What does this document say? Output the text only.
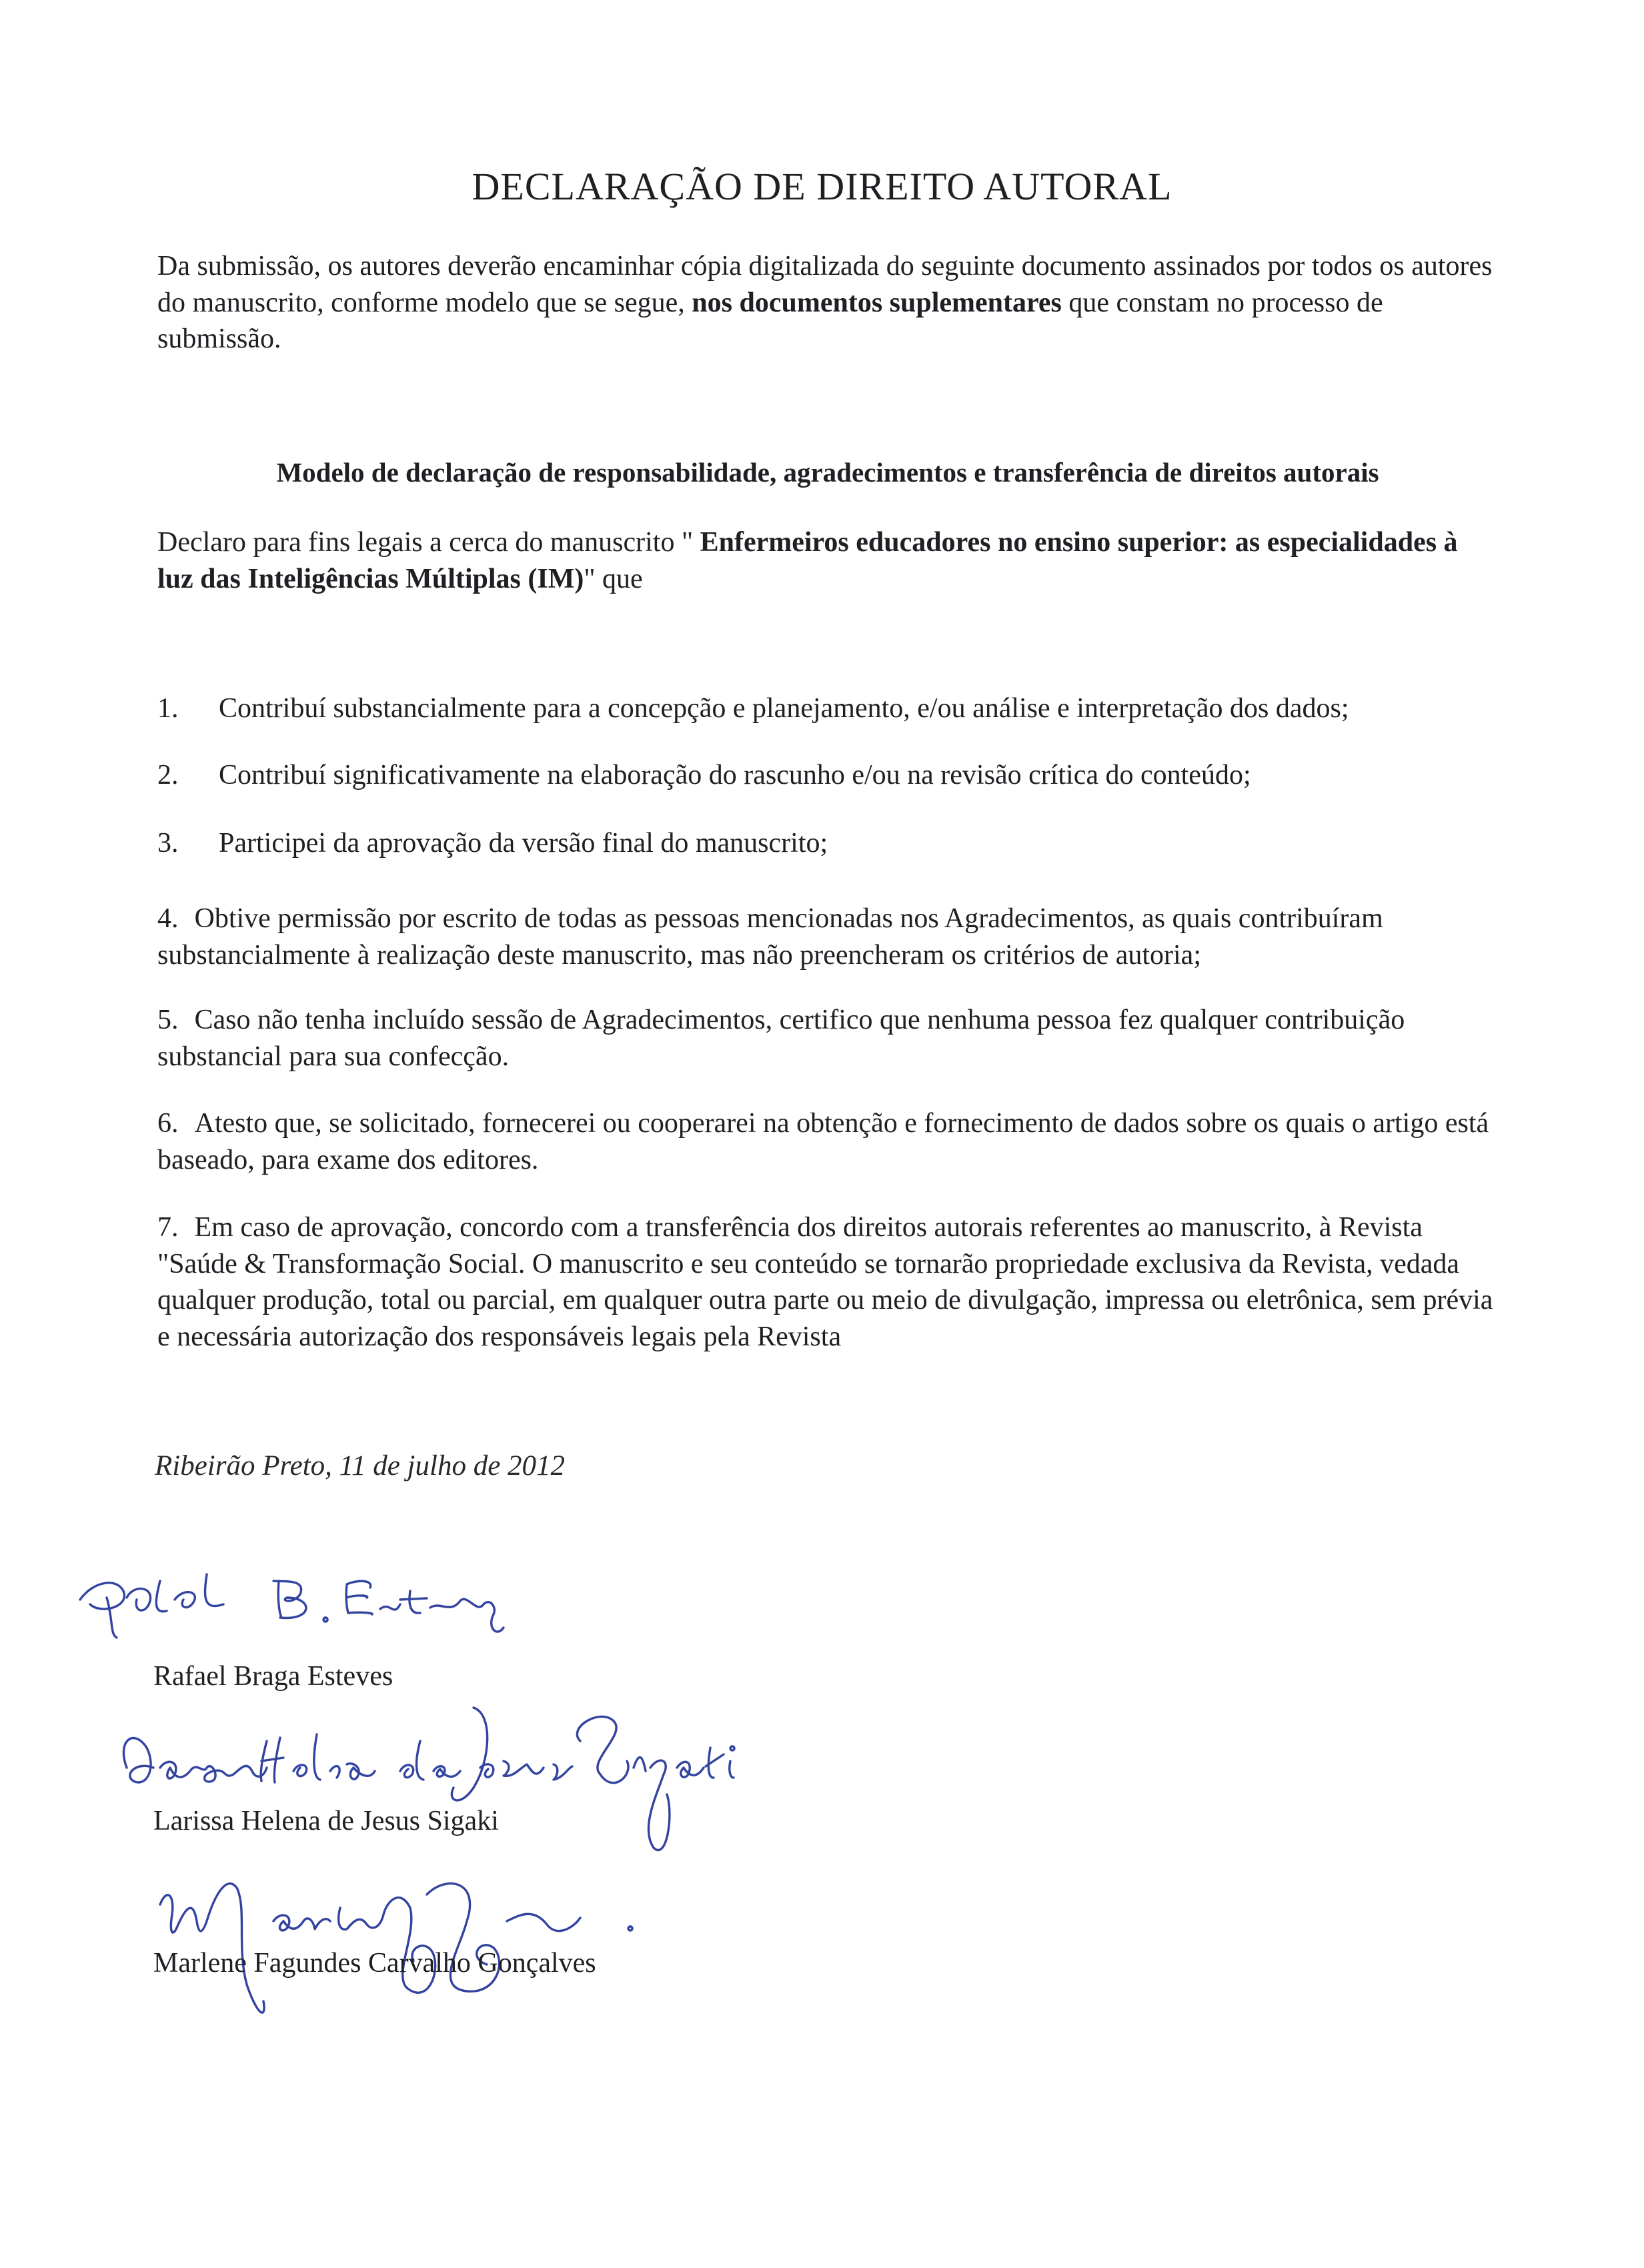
DECLARAÇÃO DE DIREITO AUTORAL
Da submissão, os autores deverão encaminhar cópia digitalizada do seguinte documento assinados por todos os autores do manuscrito, conforme modelo que se segue, nos documentos suplementares que constam no processo de submissão.
Modelo de declaração de responsabilidade, agradecimentos e transferência de direitos autorais
Declaro para fins legais a cerca do manuscrito " Enfermeiros educadores no ensino superior: as especialidades à luz das Inteligências Múltiplas (IM)" que
1. Contribuí substancialmente para a concepção e planejamento, e/ou análise e interpretação dos dados;
2. Contribuí significativamente na elaboração do rascunho e/ou na revisão crítica do conteúdo;
3. Participei da aprovação da versão final do manuscrito;
4. Obtive permissão por escrito de todas as pessoas mencionadas nos Agradecimentos, as quais contribuíram substancialmente à realização deste manuscrito, mas não preencheram os critérios de autoria;
5. Caso não tenha incluído sessão de Agradecimentos, certifico que nenhuma pessoa fez qualquer contribuição substancial para sua confecção.
6. Atesto que, se solicitado, fornecerei ou cooperarei na obtenção e fornecimento de dados sobre os quais o artigo está baseado, para exame dos editores.
7. Em caso de aprovação, concordo com a transferência dos direitos autorais referentes ao manuscrito, à Revista "Saúde & Transformação Social. O manuscrito e seu conteúdo se tornarão propriedade exclusiva da Revista, vedada qualquer produção, total ou parcial, em qualquer outra parte ou meio de divulgação, impressa ou eletrônica, sem prévia e necessária autorização dos responsáveis legais pela Revista
Ribeirão Preto, 11 de julho de 2012
Rafael Braga Esteves
Larissa Helena de Jesus Sigaki
Marlene Fagundes Carvalho Gonçalves
